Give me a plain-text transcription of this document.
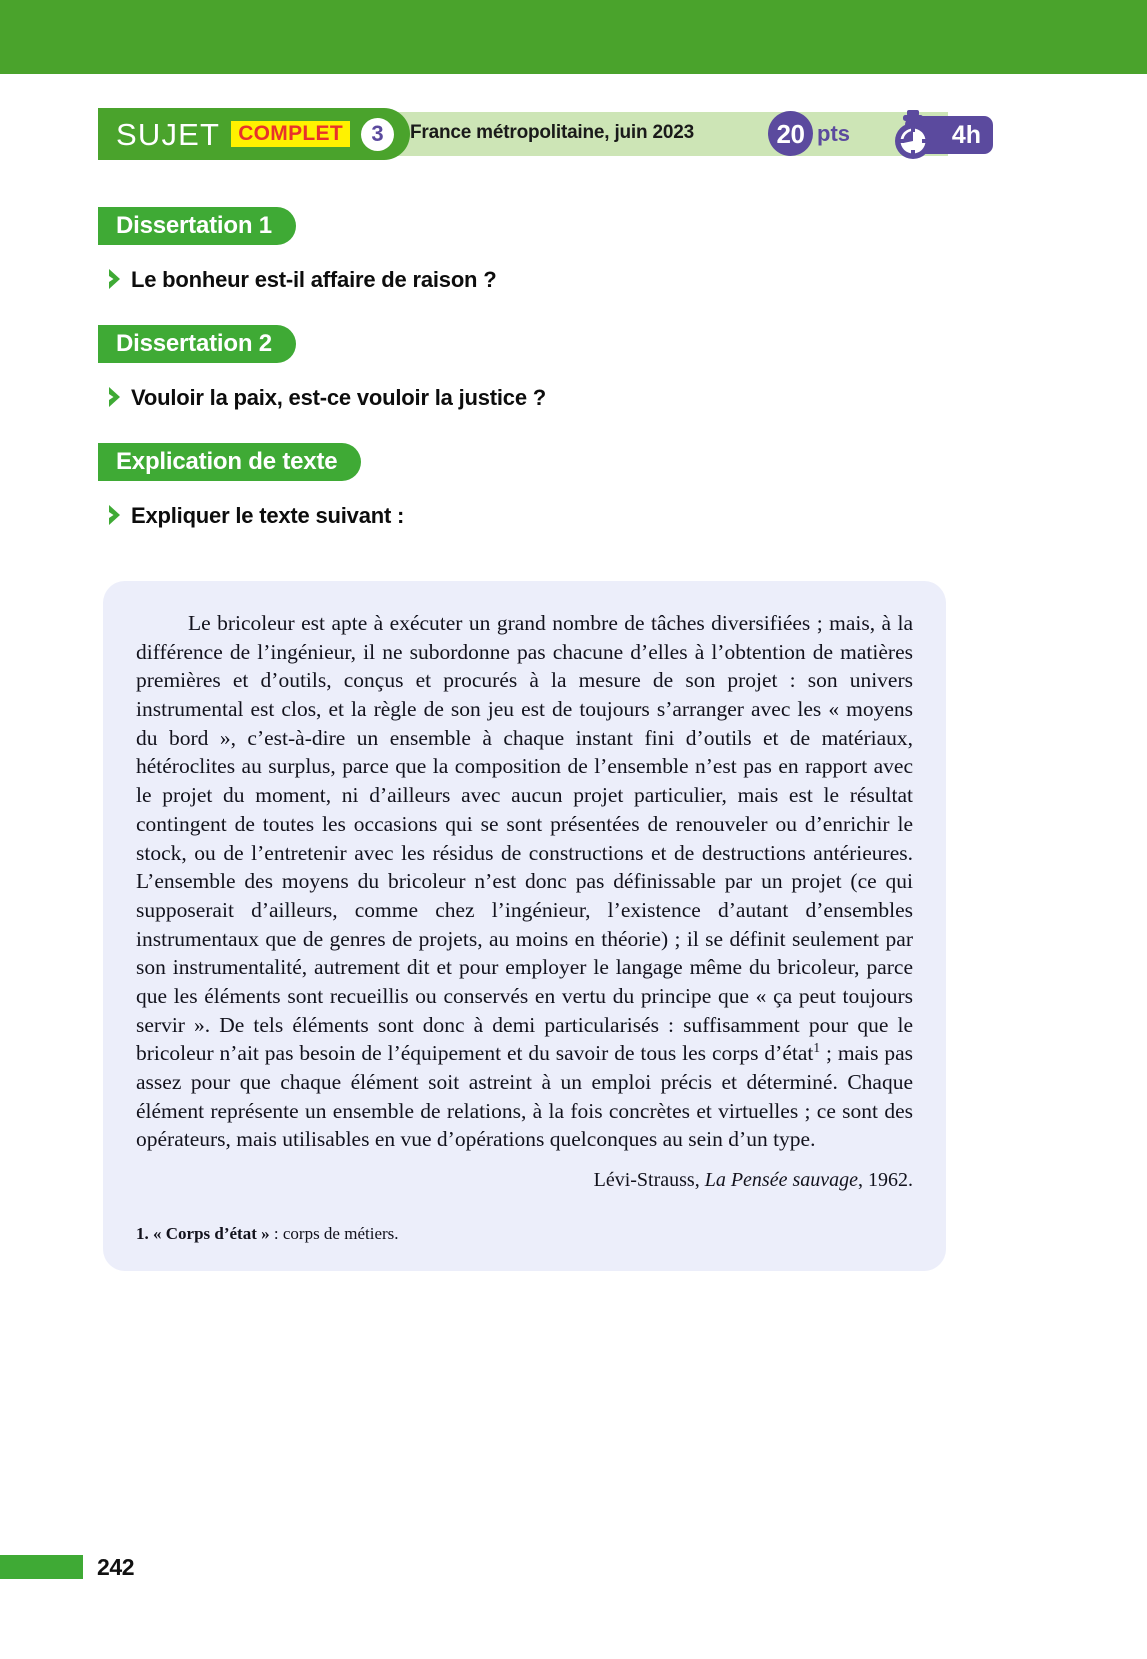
SUJET COMPLET	3	France métropolitaine, juin 2023	20 pts	4h
Dissertation 1
Le bonheur est-il affaire de raison ?
Dissertation 2
Vouloir la paix, est-ce vouloir la justice ?
Explication de texte
Expliquer le texte suivant :

Le bricoleur est apte à exécuter un grand nombre de tâches diversifiées ; mais, à la différence de l’ingénieur, il ne subordonne pas chacune d’elles à l’obtention de matières premières et d’outils, conçus et procurés à la mesure de son projet : son univers instrumental est clos, et la règle de son jeu est de toujours s’arranger avec les « moyens du bord », c’est-à-dire un ensemble à chaque instant fini d’outils et de matériaux, hétéroclites au surplus, parce que la composition de l’ensemble n’est pas en rapport avec le projet du moment, ni d’ailleurs avec aucun projet particulier, mais est le résultat contingent de toutes les occasions qui se sont présentées de renouveler ou d’enrichir le stock, ou de l’entretenir avec les résidus de constructions et de destructions antérieures. L’ensemble des moyens du bricoleur n’est donc pas définissable par un projet (ce qui supposerait d’ailleurs, comme chez l’ingénieur, l’existence d’autant d’ensembles instrumentaux que de genres de projets, au moins en théorie) ; il se définit seulement par son instrumentalité, autrement dit et pour employer le langage même du bricoleur, parce que les éléments sont recueillis ou conservés en vertu du principe que « ça peut toujours servir ». De tels éléments sont donc à demi particularisés : suffisamment pour que le bricoleur n’ait pas besoin de l’équipement et du savoir de tous les corps d’état$^1$ ; mais pas assez pour que chaque élément soit astreint à un emploi précis et déterminé. Chaque élément représente un ensemble de relations, à la fois concrètes et virtuelles ; ce sont des opérateurs, mais utilisables en vue d’opérations quelconques au sein d’un type.

Lévi-Strauss, La Pensée sauvage, 1962.

1. « Corps d’état » : corps de métiers.

242
